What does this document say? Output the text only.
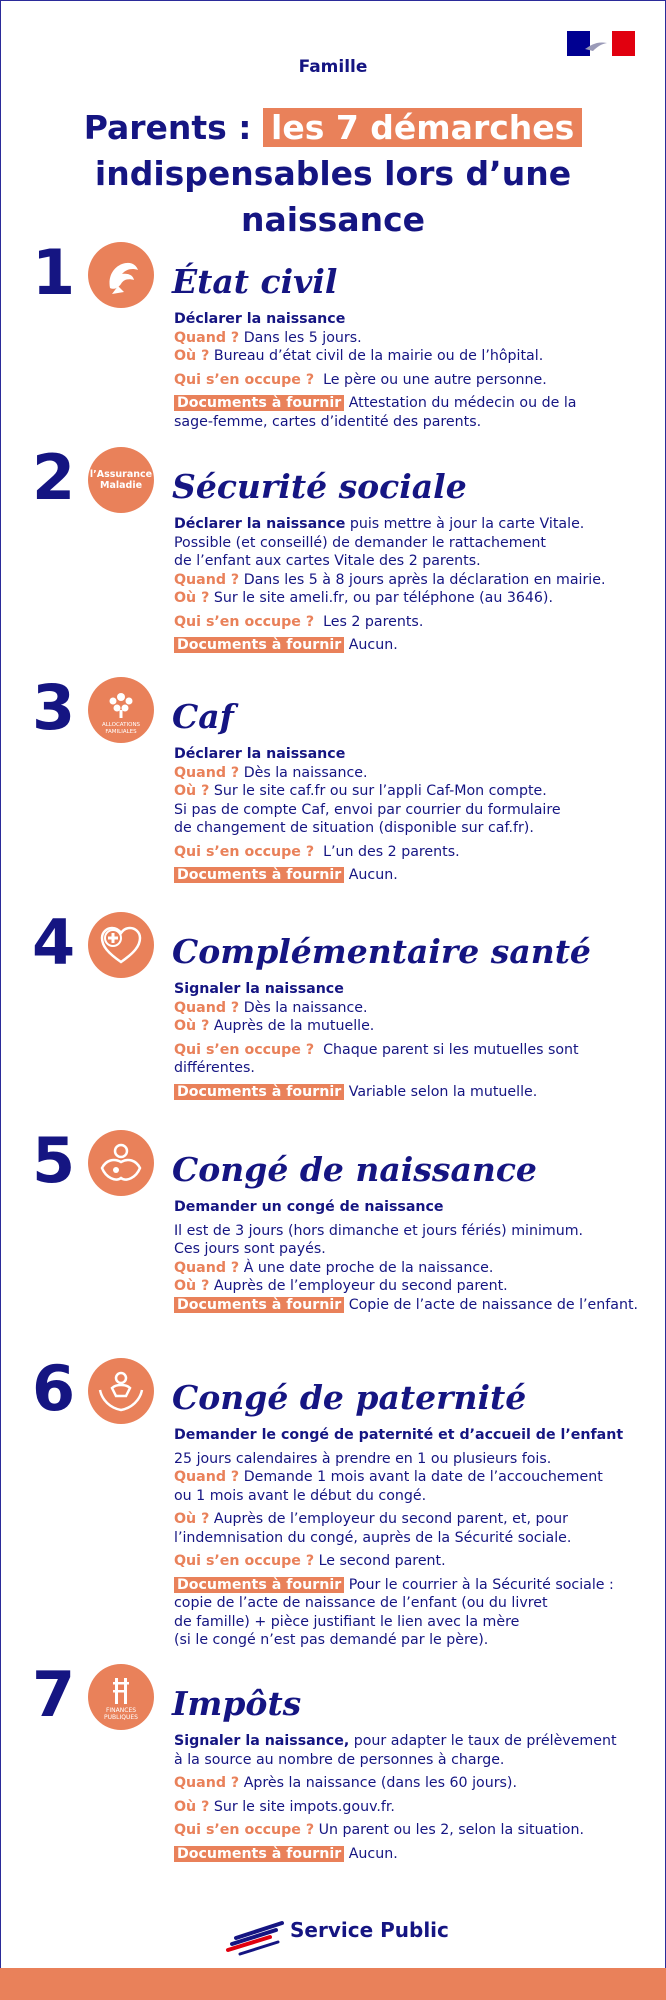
Famille
Parents : les 7 démarches
indispensables lors d’une naissance
1	État civil
Déclarer la naissance
Quand ? Dans les 5 jours.
Où ? Bureau d’état civil de la mairie ou de l’hôpital.
Qui s’en occupe ? Le père ou une autre personne.
Documents à fournir Attestation du médecin ou de la
sage-femme, cartes d’identité des parents.
2	l’Assurance
Maladie Sécurité sociale
Déclarer la naissance puis mettre à jour la carte Vitale.
Possible (et conseillé) de demander le rattachement
de l’enfant aux cartes Vitale des 2 parents.
Quand ? Dans les 5 à 8 jours après la déclaration en mairie.
Où ? Sur le site ameli.fr, ou par téléphone (au 3646).
Qui s’en occupe ? Les 2 parents.
Documents à fournir Aucun.
3	ALLOCATIONS
FAMILIALES Caf
Déclarer la naissance
Quand ? Dès la naissance.
Où ? Sur le site caf.fr ou sur l’appli Caf-Mon compte.
Si pas de compte Caf, envoi par courrier du formulaire
de changement de situation (disponible sur caf.fr).
Qui s’en occupe ? L’un des 2 parents.
Documents à fournir Aucun.
4	Complémentaire santé
Signaler la naissance
Quand ? Dès la naissance.
Où ? Auprès de la mutuelle.
Qui s’en occupe ? Chaque parent si les mutuelles sont
différentes.
Documents à fournir Variable selon la mutuelle.
5	Congé de naissance
Demander un congé de naissance
Il est de 3 jours (hors dimanche et jours fériés) minimum.
Ces jours sont payés.
Quand ? À une date proche de la naissance.
Où ? Auprès de l’employeur du second parent.
Documents à fournir Copie de l’acte de naissance de l’enfant.
6	Congé de paternité
Demander le congé de paternité et d’accueil de l’enfant
25 jours calendaires à prendre en 1 ou plusieurs fois.
Quand ? Demande 1 mois avant la date de l’accouchement
ou 1 mois avant le début du congé.
Où ? Auprès de l’employeur du second parent, et, pour
l’indemnisation du congé, auprès de la Sécurité sociale.
Qui s’en occupe ? Le second parent.
Documents à fournir Pour le courrier à la Sécurité sociale :
copie de l’acte de naissance de l’enfant (ou du livret
de famille) + pièce justifiant le lien avec la mère
(si le congé n’est pas demandé par le père).
7	FINANCES
PUBLIQUES Impôts
Signaler la naissance, pour adapter le taux de prélèvement
à la source au nombre de personnes à charge.
Quand ? Après la naissance (dans les 60 jours).
Où ? Sur le site impots.gouv.fr.
Qui s’en occupe ? Un parent ou les 2, selon la situation.
Documents à fournir Aucun.
Service Public
